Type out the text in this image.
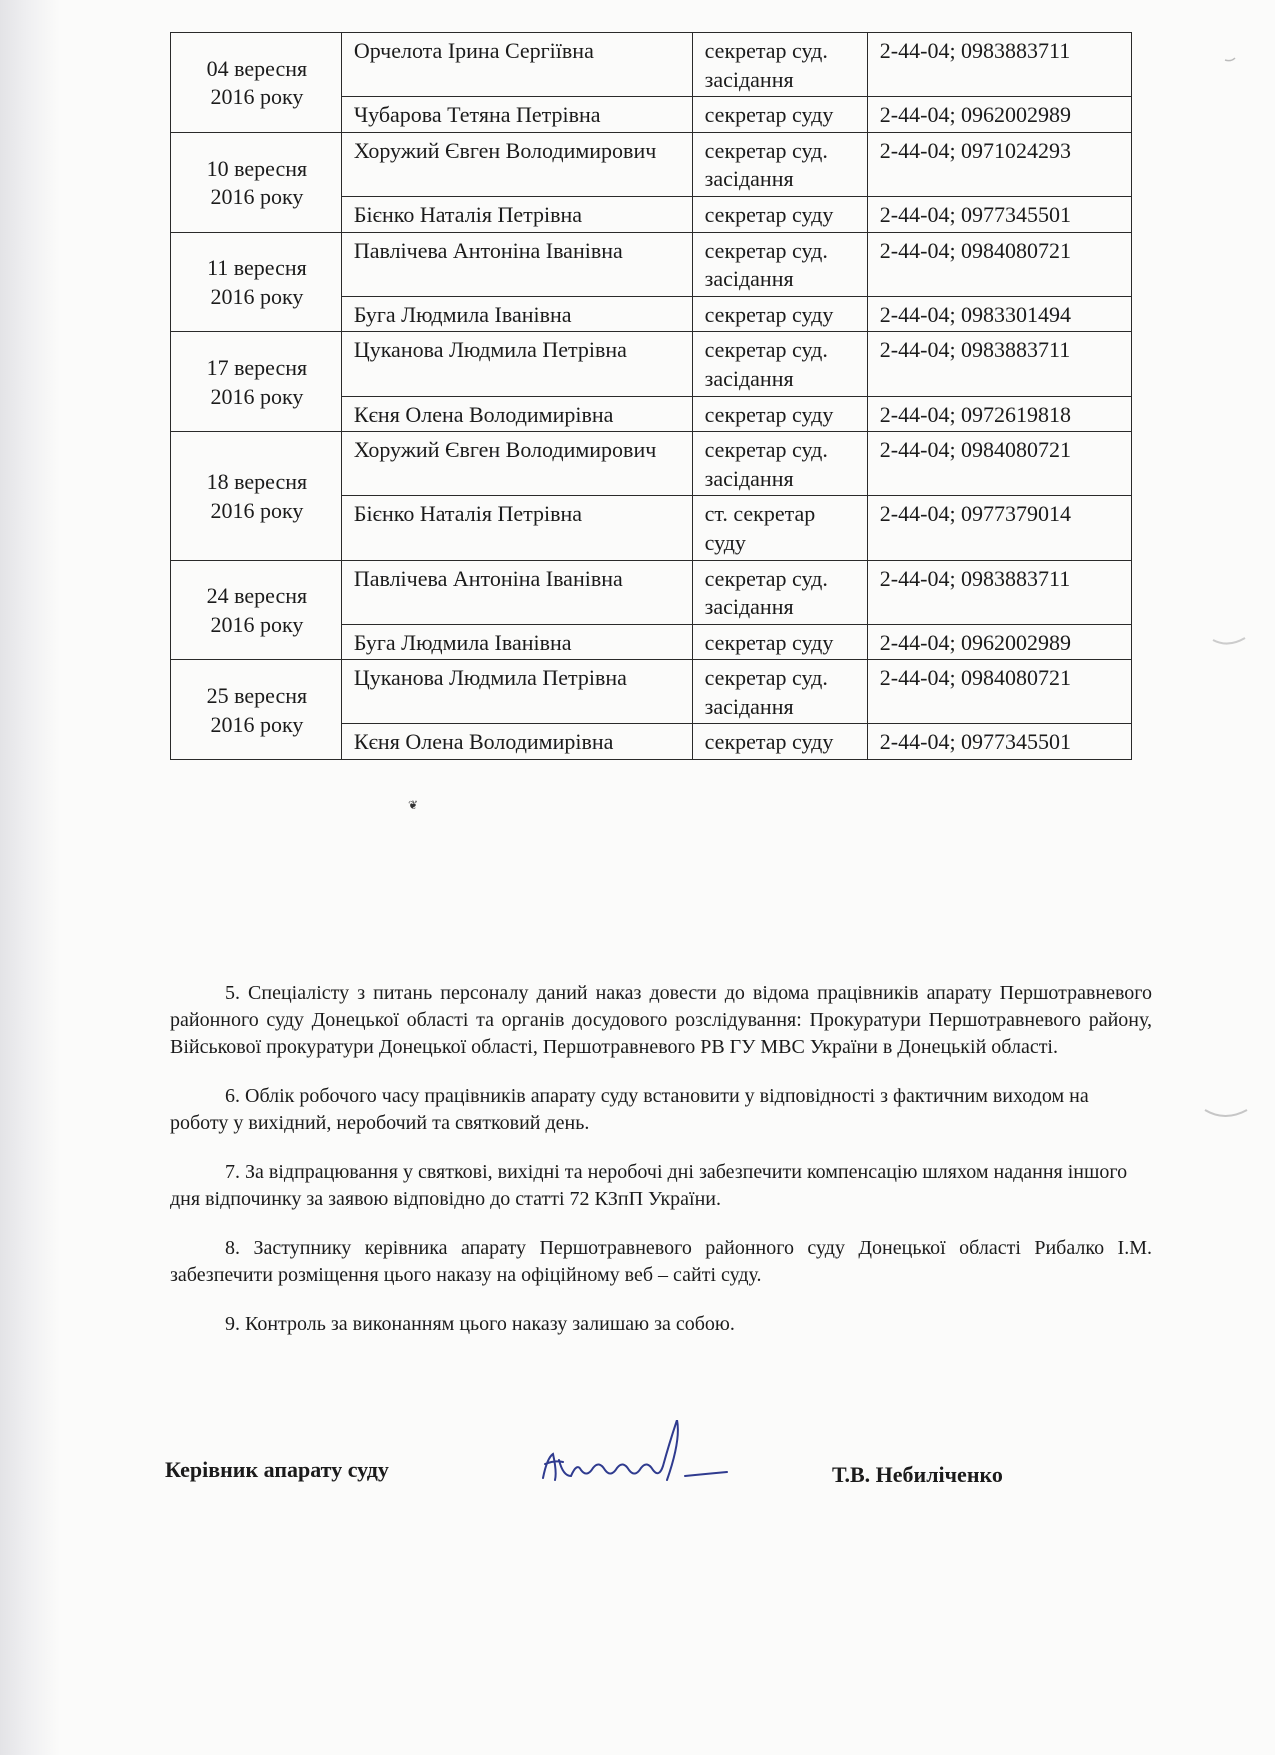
04 вересня 2016 року	Орчелота Ірина Сергіївна	секретар суд. засідання	2-44-04; 0983883711
	Чубарова Тетяна Петрівна	секретар суду	2-44-04; 0962002989
10 вересня 2016 року	Хоружий Євген Володимирович	секретар суд. засідання	2-44-04; 0971024293
	Бієнко Наталія Петрівна	секретар суду	2-44-04; 0977345501
11 вересня 2016 року	Павлічева Антоніна Іванівна	секретар суд. засідання	2-44-04; 0984080721
	Буга Людмила Іванівна	секретар суду	2-44-04; 0983301494
17 вересня 2016 року	Цуканова Людмила Петрівна	секретар суд. засідання	2-44-04; 0983883711
	Кєня Олена Володимирівна	секретар суду	2-44-04; 0972619818
18 вересня 2016 року	Хоружий Євген Володимирович	секретар суд. засідання	2-44-04; 0984080721
	Бієнко Наталія Петрівна	ст. секретар суду	2-44-04; 0977379014
24 вересня 2016 року	Павлічева Антоніна Іванівна	секретар суд. засідання	2-44-04; 0983883711
	Буга Людмила Іванівна	секретар суду	2-44-04; 0962002989
25 вересня 2016 року	Цуканова Людмила Петрівна	секретар суд. засідання	2-44-04; 0984080721
	Кєня Олена Володимирівна	секретар суду	2-44-04; 0977345501
❦

5. Спеціалісту з питань персоналу даний наказ довести до відома працівників апарату Першотравневого районного суду Донецької області та органів досудового розслідування: Прокуратури Першотравневого району, Військової прокуратури Донецької області, Першотравневого РВ ГУ МВС України в Донецькій області.

6. Облік робочого часу працівників апарату суду встановити у відповідності з фактичним виходом на роботу у вихідний, неробочий та святковий день.

7. За відпрацювання у святкові, вихідні та неробочі дні забезпечити компенсацію шляхом надання іншого дня відпочинку за заявою відповідно до статті 72 КЗпП України.

8. Заступнику керівника апарату Першотравневого районного суду Донецької області Рибалко І.М. забезпечити розміщення цього наказу на офіційному веб – сайті суду.

9. Контроль за виконанням цього наказу залишаю за собою.

Керівник апарату суду	Т.В. Небиліченко
